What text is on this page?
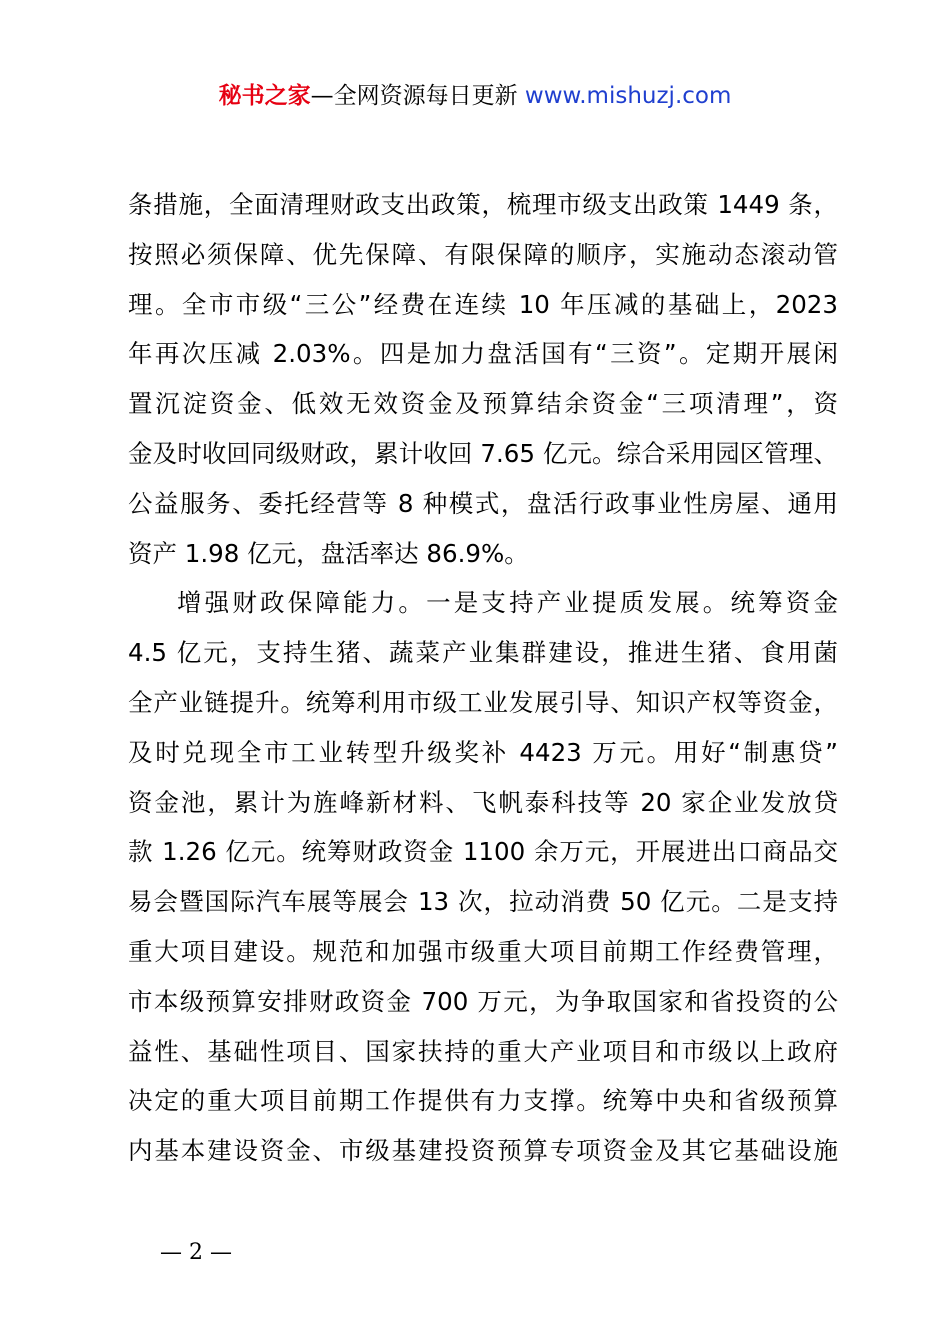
秘书之家—全网资源每日更新 www.mishuzj.com
条措施，全面清理财政支出政策，梳理市级支出政策 1449 条，
按照必须保障、优先保障、有限保障的顺序，实施动态滚动管
理。全市市级“三公”经费在连续 10 年压减的基础上，2023
年再次压减 2.03%。四是加力盘活国有“三资”。定期开展闲
置沉淀资金、低效无效资金及预算结余资金“三项清理”，资
金及时收回同级财政，累计收回 7.65 亿元。综合采用园区管理、
公益服务、委托经营等 8 种模式，盘活行政事业性房屋、通用
资产 1.98 亿元，盘活率达 86.9%。
增强财政保障能力。一是支持产业提质发展。统筹资金
4.5 亿元，支持生猪、蔬菜产业集群建设，推进生猪、食用菌
全产业链提升。统筹利用市级工业发展引导、知识产权等资金，
及时兑现全市工业转型升级奖补 4423 万元。用好“制惠贷”
资金池，累计为旌峰新材料、飞帆泰科技等 20 家企业发放贷
款 1.26 亿元。统筹财政资金 1100 余万元，开展进出口商品交
易会暨国际汽车展等展会 13 次，拉动消费 50 亿元。二是支持
重大项目建设。规范和加强市级重大项目前期工作经费管理，
市本级预算安排财政资金 700 万元，为争取国家和省投资的公
益性、基础性项目、国家扶持的重大产业项目和市级以上政府
决定的重大项目前期工作提供有力支撑。统筹中央和省级预算
内基本建设资金、市级基建投资预算专项资金及其它基础设施
— 2 —
